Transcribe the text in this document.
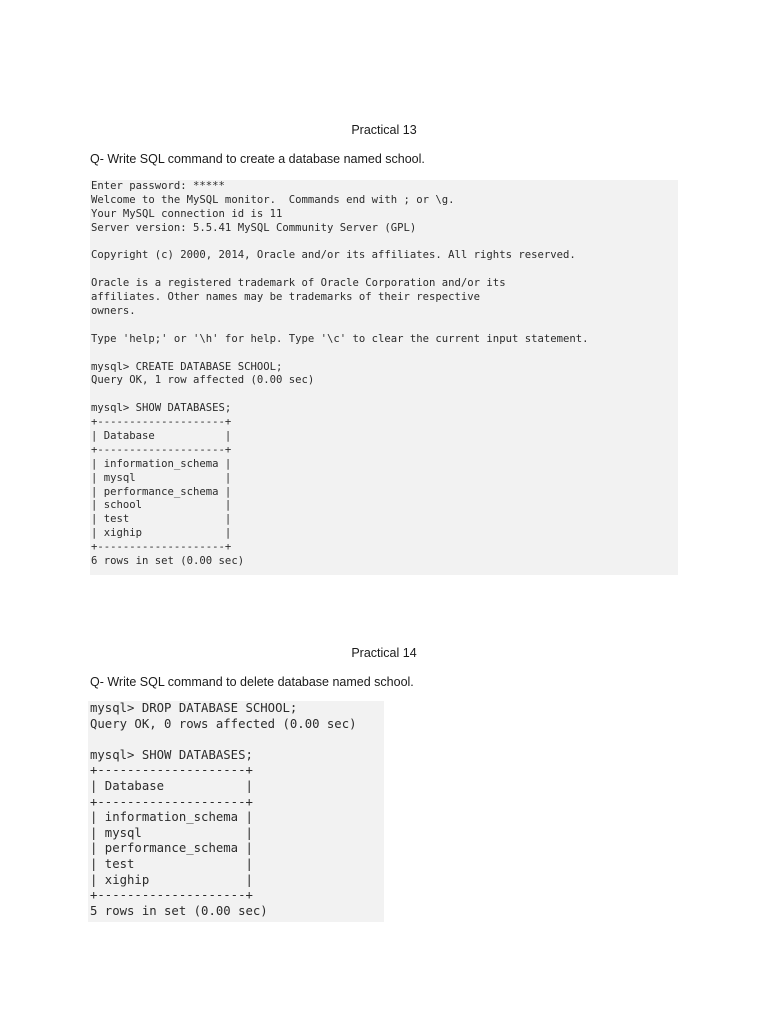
Practical 13

Q- Write SQL command to create a database named school.

Enter password: *****
Welcome to the MySQL monitor.  Commands end with ; or \g.
Your MySQL connection id is 11
Server version: 5.5.41 MySQL Community Server (GPL)
Copyright (c) 2000, 2014, Oracle and/or its affiliates. All rights reserved.
Oracle is a registered trademark of Oracle Corporation and/or its
affiliates. Other names may be trademarks of their respective
owners.
Type 'help;' or '\h' for help. Type '\c' to clear the current input statement.
mysql> CREATE DATABASE SCHOOL;
Query OK, 1 row affected (0.00 sec)
mysql> SHOW DATABASES;
+--------------------+
| Database           |
+--------------------+
| information_schema |
| mysql              |
| performance_schema |
| school             |
| test               |
| xighip             |
+--------------------+
6 rows in set (0.00 sec)
Practical 14

Q- Write SQL command to delete database named school.

mysql> DROP DATABASE SCHOOL;
Query OK, 0 rows affected (0.00 sec)
mysql> SHOW DATABASES;
+--------------------+
| Database           |
+--------------------+
| information_schema |
| mysql              |
| performance_schema |
| test               |
| xighip             |
+--------------------+
5 rows in set (0.00 sec)
